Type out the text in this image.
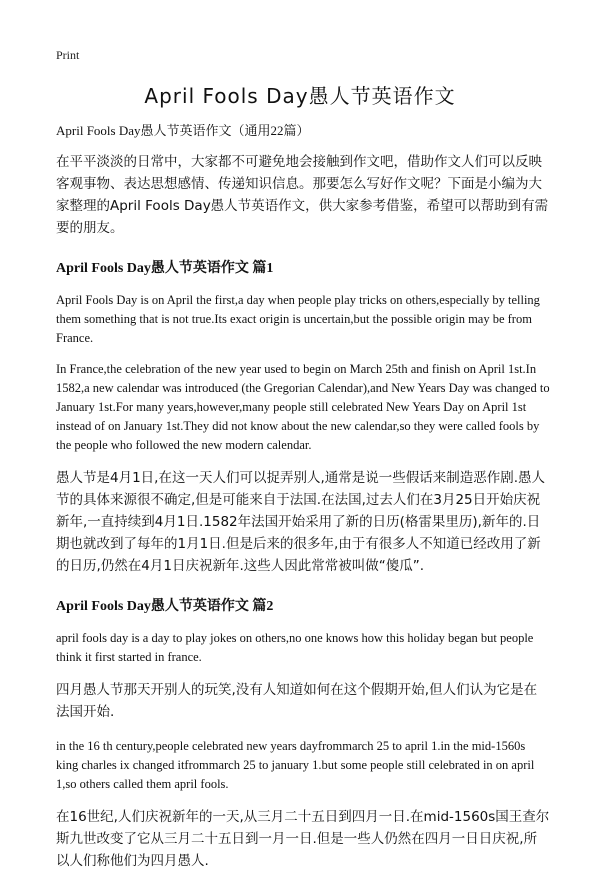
Print
April Fools Day愚人节英语作文

April Fools Day愚人节英语作文（通用22篇）

在平平淡淡的日常中，大家都不可避免地会接触到作文吧，借助作文人们可以反映客观事物、表达思想感情、传递知识信息。那要怎么写好作文呢？下面是小编为大家整理的April Fools Day愚人节英语作文，供大家参考借鉴，希望可以帮助到有需要的朋友。

April Fools Day愚人节英语作文 篇1

April Fools Day is on April the first,a day when people play tricks on others,especially by telling them something that is not true.Its exact origin is uncertain,but the possible origin may be from France.

In France,the celebration of the new year used to begin on March 25th and finish on April 1st.In 1582,a new calendar was introduced (the Gregorian Calendar),and New Years Day was changed to January 1st.For many years,however,many people still celebrated New Years Day on April 1st instead of on January 1st.They did not know about the new calendar,so they were called fools by the people who followed the new modern calendar.

愚人节是4月1日,在这一天人们可以捉弄别人,通常是说一些假话来制造恶作剧.愚人节的具体来源很不确定,但是可能来自于法国.在法国,过去人们在3月25日开始庆祝新年,一直持续到4月1日.1582年法国开始采用了新的日历(格雷果里历),新年的.日期也就改到了每年的1月1日.但是后来的很多年,由于有很多人不知道已经改用了新的日历,仍然在4月1日庆祝新年.这些人因此常常被叫做“傻瓜”.

April Fools Day愚人节英语作文 篇2

april fools day is a day to play jokes on others,no one knows how this holiday began but people think it first started in france.

四月愚人节那天开别人的玩笑,没有人知道如何在这个假期开始,但人们认为它是在法国开始.

in the 16 th century,people celebrated new years dayfrommarch 25 to april 1.in the mid-1560s king charles ix changed itfrommarch 25 to january 1.but some people still celebrated in on april 1,so others called them april fools.

在16世纪,人们庆祝新年的一天,从三月二十五日到四月一日.在mid-1560s国王查尔斯九世改变了它从三月二十五日到一月一日.但是一些人仍然在四月一日日庆祝,所以人们称他们为四月愚人.
